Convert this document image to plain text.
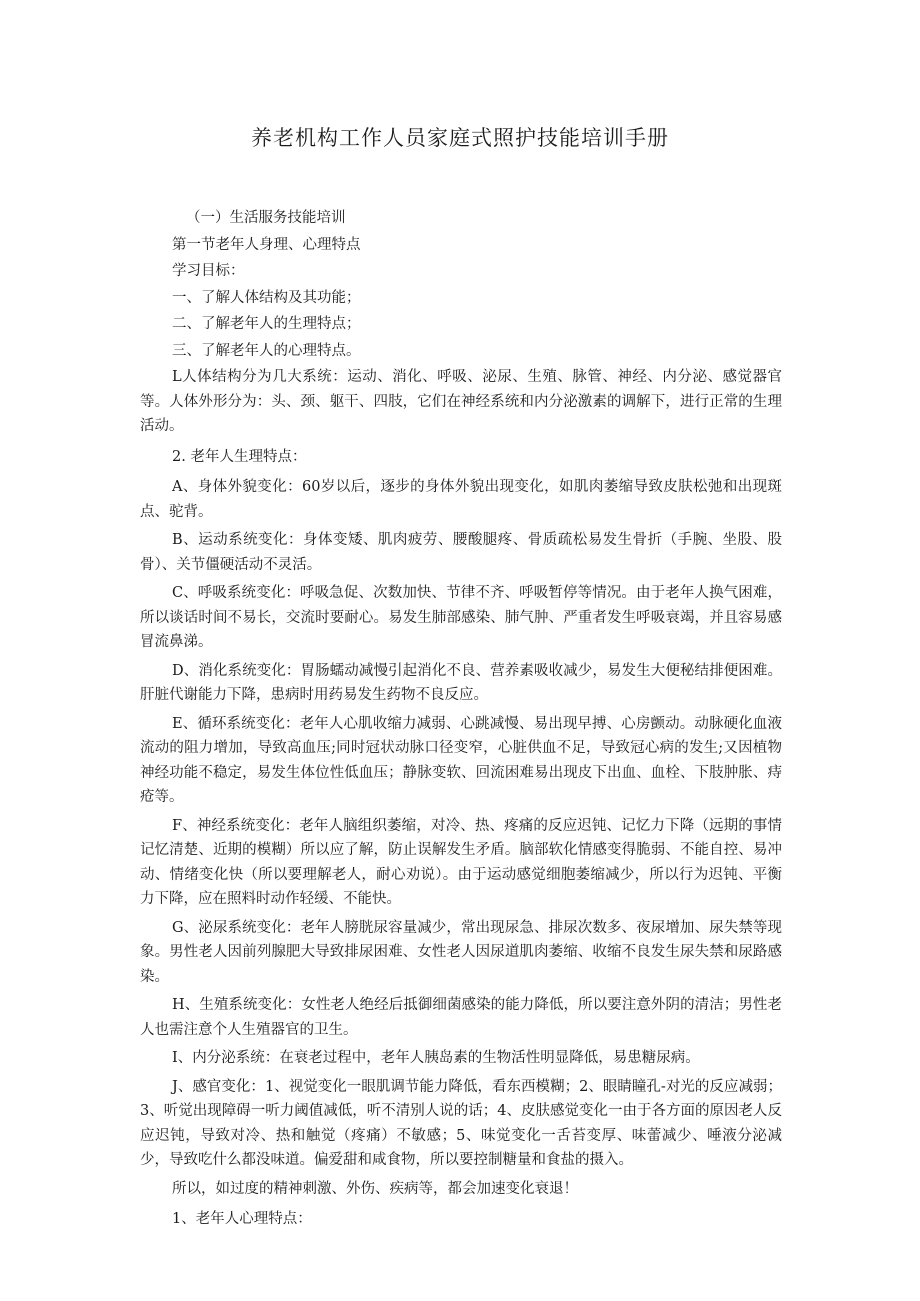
养老机构工作人员家庭式照护技能培训手册

（一）生活服务技能培训

第一节老年人身理、心理特点

学习目标：

一、了解人体结构及其功能；

二、了解老年人的生理特点；

三、了解老年人的心理特点。

L人体结构分为几大系统：运动、消化、呼吸、泌尿、生殖、脉管、神经、内分泌、感觉器官等。人体外形分为：头、颈、躯干、四肢，它们在神经系统和内分泌激素的调解下，进行正常的生理活动。

2. 老年人生理特点：

A、身体外貌变化：60岁以后，逐步的身体外貌出现变化，如肌肉萎缩导致皮肤松弛和出现斑点、驼背。

B、运动系统变化：身体变矮、肌肉疲劳、腰酸腿疼、骨质疏松易发生骨折（手腕、坐股、股骨）、关节僵硬活动不灵活。

C、呼吸系统变化：呼吸急促、次数加快、节律不齐、呼吸暂停等情况。由于老年人换气困难，所以谈话时间不易长，交流时要耐心。易发生肺部感染、肺气肿、严重者发生呼吸衰竭，并且容易感冒流鼻涕。

D、消化系统变化：胃肠蠕动减慢引起消化不良、营养素吸收减少，易发生大便秘结排便困难。肝脏代谢能力下降，患病时用药易发生药物不良反应。

E、循环系统变化：老年人心肌收缩力减弱、心跳减慢、易出现早搏、心房颤动。动脉硬化血液流动的阻力增加，导致高血压;同时冠状动脉口径变窄，心脏供血不足，导致冠心病的发生;又因植物神经功能不稳定，易发生体位性低血压；静脉变软、回流困难易出现皮下出血、血栓、下肢肿胀、痔疮等。

F、神经系统变化：老年人脑组织萎缩，对冷、热、疼痛的反应迟钝、记忆力下降（远期的事情记忆清楚、近期的模糊）所以应了解，防止误解发生矛盾。脑部软化情感变得脆弱、不能自控、易冲动、情绪变化快（所以要理解老人，耐心劝说）。由于运动感觉细胞萎缩减少，所以行为迟钝、平衡力下降，应在照料时动作轻缓、不能快。

G、泌尿系统变化：老年人膀胱尿容量减少，常出现尿急、排尿次数多、夜尿增加、尿失禁等现象。男性老人因前列腺肥大导致排尿困难、女性老人因尿道肌肉萎缩、收缩不良发生尿失禁和尿路感染。

H、生殖系统变化：女性老人绝经后抵御细菌感染的能力降低，所以要注意外阴的清洁；男性老人也需注意个人生殖器官的卫生。

I、内分泌系统：在衰老过程中，老年人胰岛素的生物活性明显降低，易患糖尿病。

J、感官变化：1、视觉变化一眼肌调节能力降低，看东西模糊；2、眼睛瞳孔-对光的反应减弱；3、听觉出现障碍一听力阈值减低，听不清别人说的话；4、皮肤感觉变化一由于各方面的原因老人反应迟钝，导致对冷、热和触觉（疼痛）不敏感；5、味觉变化一舌苔变厚、味蕾减少、唾液分泌减少，导致吃什么都没味道。偏爱甜和咸食物，所以要控制糖量和食盐的摄入。

所以，如过度的精神刺激、外伤、疾病等，都会加速变化衰退！

1、老年人心理特点：
